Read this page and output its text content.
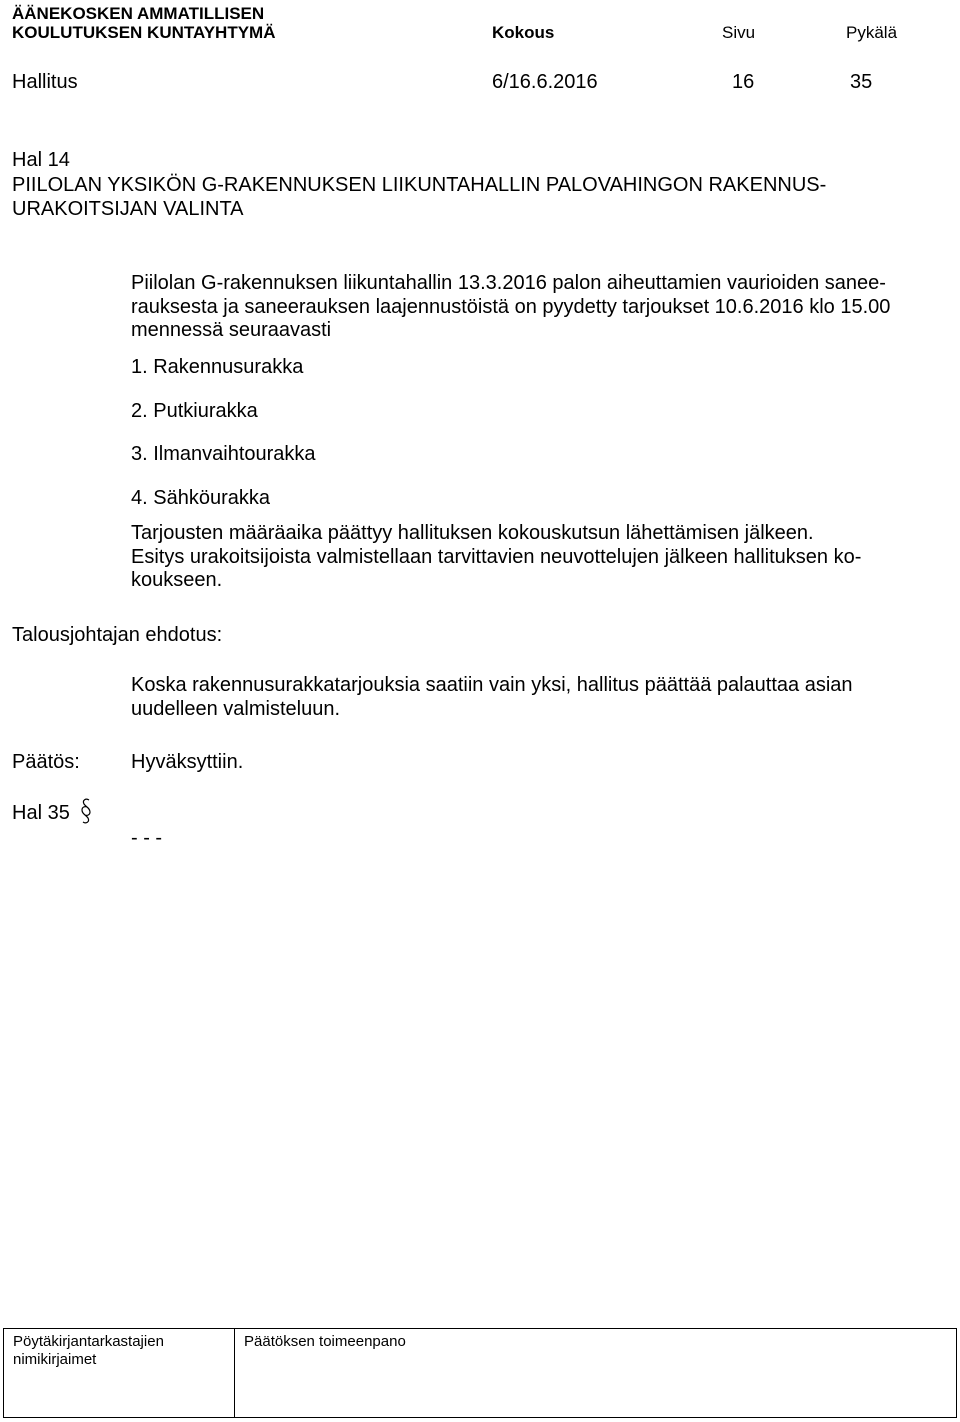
ÄÄNEKOSKEN AMMATILLISEN
KOULUTUKSEN KUNTAYHTYMÄ	Kokous	Sivu	Pykälä
Hallitus	6/16.6.2016	16	35
Hal 14
PIILOLAN YKSIKÖN G-RAKENNUKSEN LIIKUNTAHALLIN PALOVAHINGON RAKENNUS-
URAKOITSIJAN VALINTA
Piilolan G-rakennuksen liikuntahallin 13.3.2016 palon aiheuttamien vaurioiden sanee-
rauksesta ja saneerauksen laajennustöistä on pyydetty tarjoukset 10.6.2016 klo 15.00
mennessä seuraavasti
1. Rakennusurakka
2. Putkiurakka
3. Ilmanvaihtourakka
4. Sähköurakka
Tarjousten määräaika päättyy hallituksen kokouskutsun lähettämisen jälkeen.
Esitys urakoitsijoista valmistellaan tarvittavien neuvottelujen jälkeen hallituksen ko-
koukseen.
Talousjohtajan ehdotus:
Koska rakennusurakkatarjouksia saatiin vain yksi, hallitus päättää palauttaa asian
uudelleen valmisteluun.
Päätös:	Hyväksyttiin.
Hal 35
- - -
Pöytäkirjantarkastajien
nimikirjaimet
Päätöksen toimeenpano
